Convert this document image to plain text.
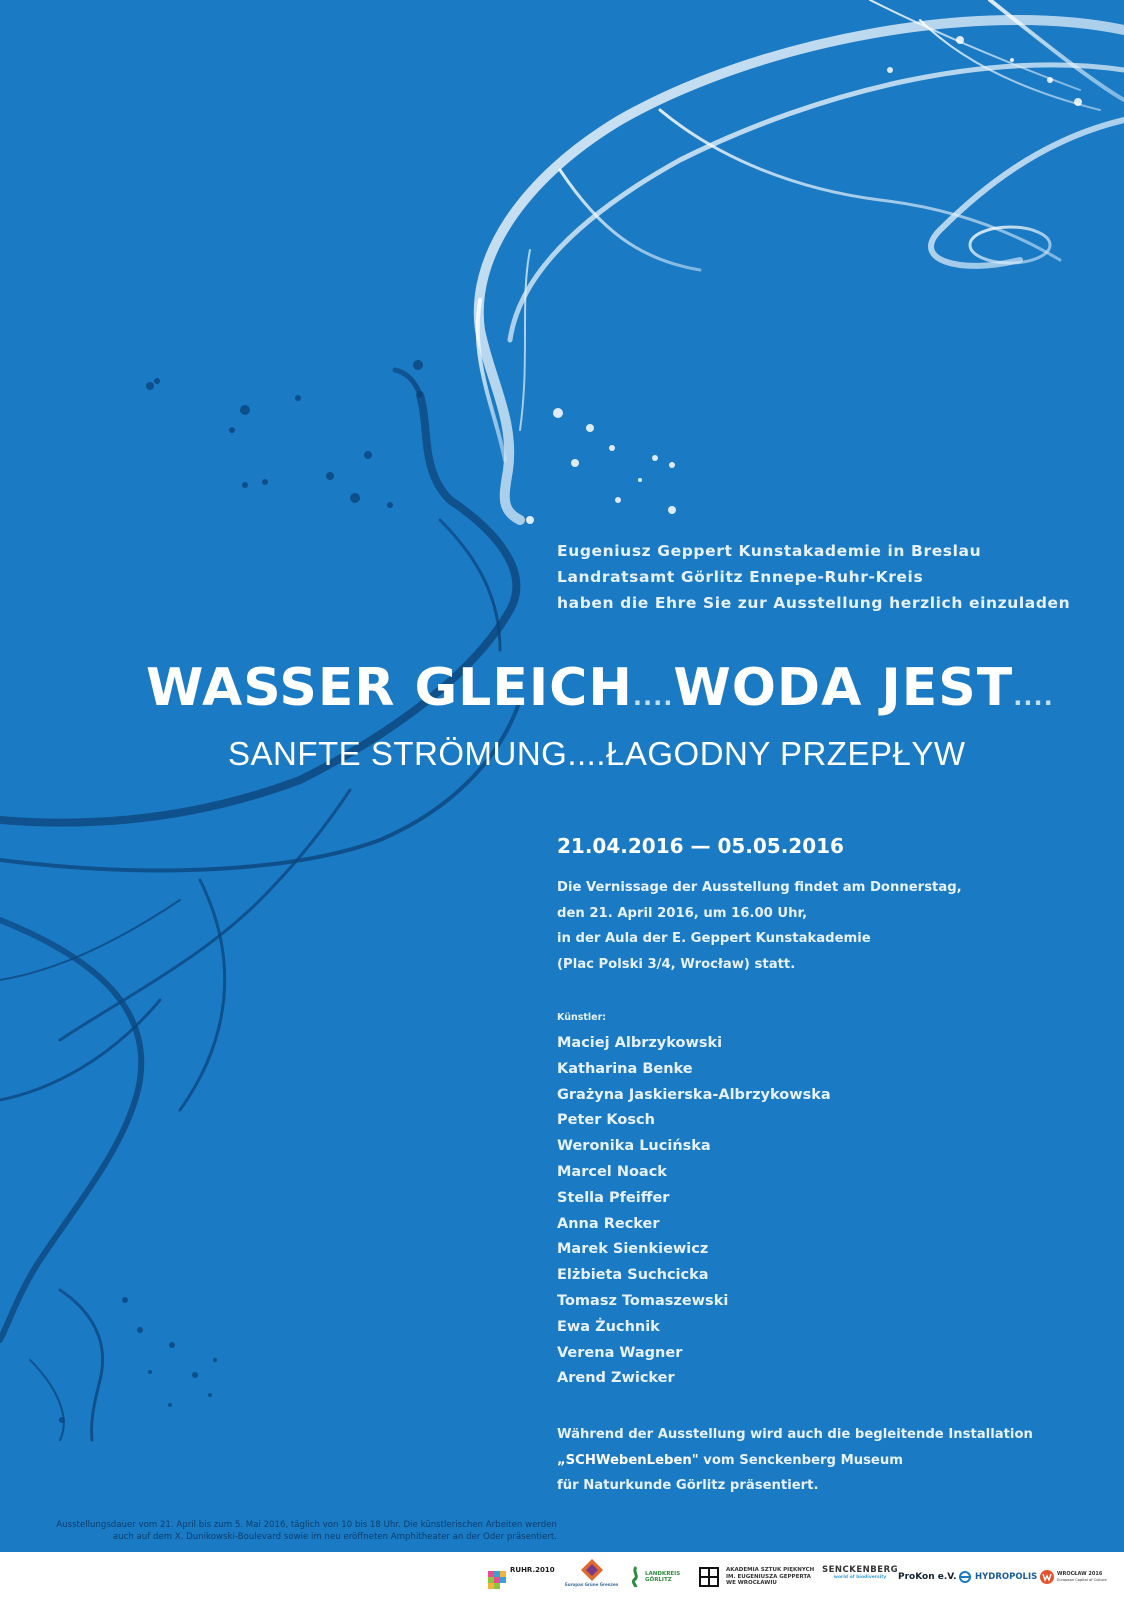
Eugeniusz Geppert Kunstakademie in Breslau
Landratsamt Görlitz Ennepe-Ruhr-Kreis
haben die Ehre Sie zur Ausstellung herzlich einzuladen
WASSER GLEICH....WODA JEST....
SANFTE STRÖMUNG....ŁAGODNY PRZEPŁYW
21.04.2016 — 05.05.2016
Die Vernissage der Ausstellung findet am Donnerstag,
den 21. April 2016, um 16.00 Uhr,
in der Aula der E. Geppert Kunstakademie
(Plac Polski 3/4, Wrocław) statt.
Künstler:
Maciej Albrzykowski
Katharina Benke
Grażyna Jaskierska-Albrzykowska
Peter Kosch
Weronika Lucińska
Marcel Noack
Stella Pfeiffer
Anna Recker
Marek Sienkiewicz
Elżbieta Suchcicka
Tomasz Tomaszewski
Ewa Żuchnik
Verena Wagner
Arend Zwicker
Während der Ausstellung wird auch die begleitende Installation
„SCHWebenLeben" vom Senckenberg Museum
für Naturkunde Görlitz präsentiert.
Ausstellungsdauer vom 21. April bis zum 5. Mai 2016, täglich von 10 bis 18 Uhr. Die künstlerischen Arbeiten werden
auch auf dem X. Dunikowski-Boulevard sowie im neu eröffneten Amphitheater an der Oder präsentiert.
RUHR.2010
Europas Grüne Grenzen
LANDKREIS GÖRLITZ
AKADEMIA SZTUK PIĘKNYCH
IM. EUGENIUSZA GEPPERTA
WE WROCŁAWIU
SENCKENBERG
world of biodiversity ProKon e.V. HYDROPOLIS	WROCŁAW 2016
European Capital of Culture
